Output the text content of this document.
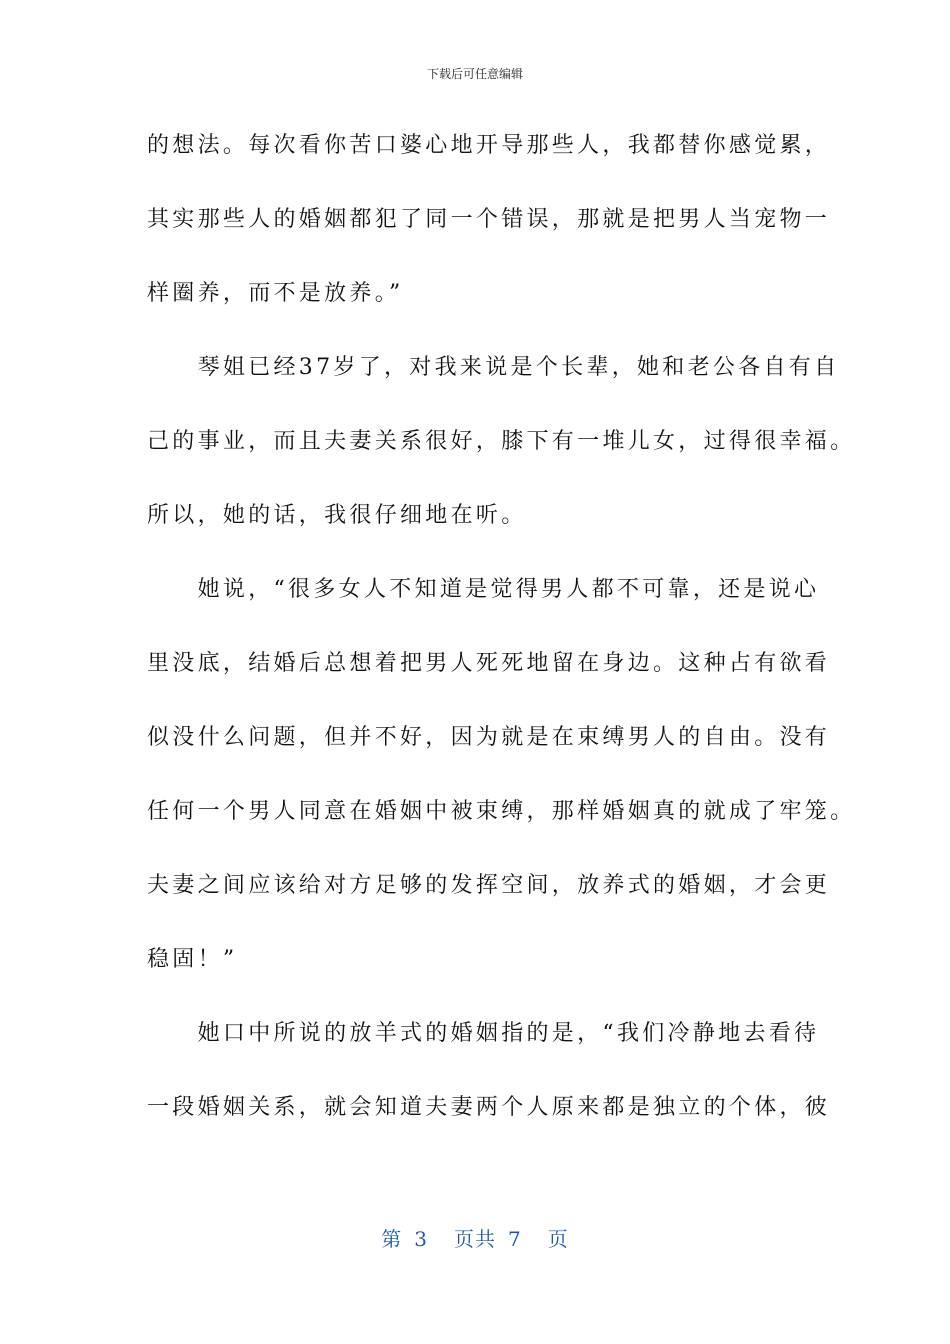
下载后可任意编辑
的想法。每次看你苦口婆心地开导那些人，我都替你感觉累，
其实那些人的婚姻都犯了同一个错误，那就是把男人当宠物一
样圈养，而不是放养。”
　　琴姐已经37岁了，对我来说是个长辈，她和老公各自有自
己的事业，而且夫妻关系很好，膝下有一堆儿女，过得很幸福。
所以，她的话，我很仔细地在听。
　　她说，“很多女人不知道是觉得男人都不可靠，还是说心
里没底，结婚后总想着把男人死死地留在身边。这种占有欲看
似没什么问题，但并不好，因为就是在束缚男人的自由。没有
任何一个男人同意在婚姻中被束缚，那样婚姻真的就成了牢笼。
夫妻之间应该给对方足够的发挥空间，放养式的婚姻，才会更
稳固！”
　　她口中所说的放羊式的婚姻指的是，“我们冷静地去看待
一段婚姻关系，就会知道夫妻两个人原来都是独立的个体，彼
第 3 页共 7 页
